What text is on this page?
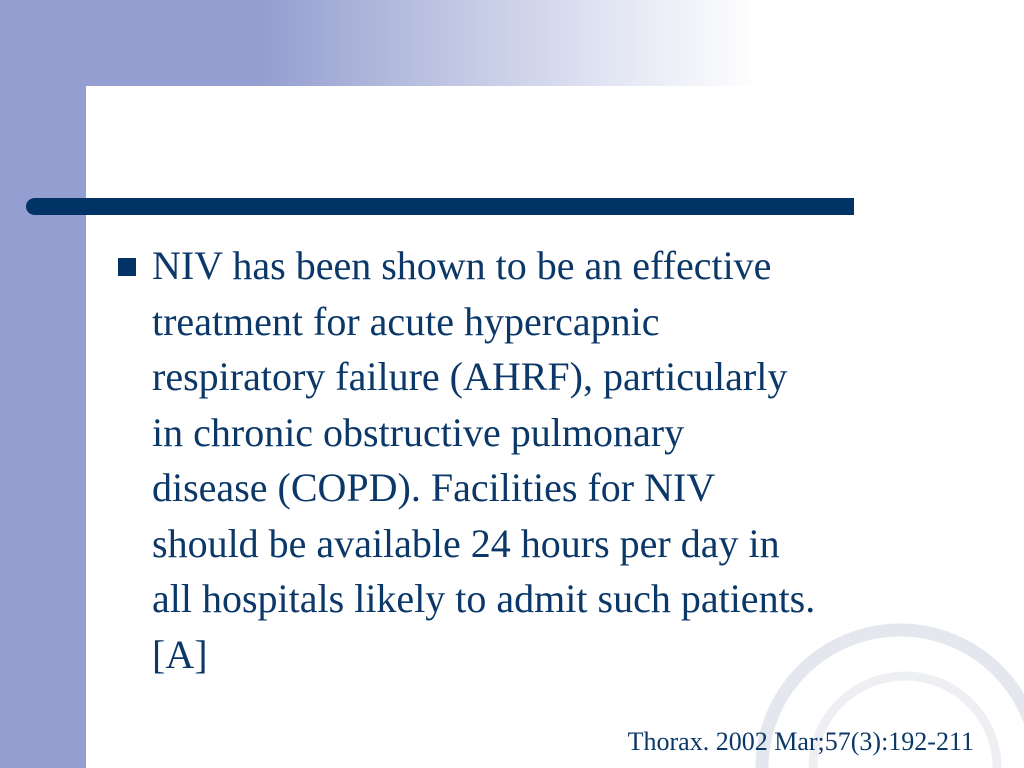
NIV has been shown to be an effective
treatment for acute hypercapnic
respiratory failure (AHRF), particularly
in chronic obstructive pulmonary
disease (COPD). Facilities for NIV
should be available 24 hours per day in
all hospitals likely to admit such patients.
[A]

Thorax. 2002 Mar;57(3):192-211
